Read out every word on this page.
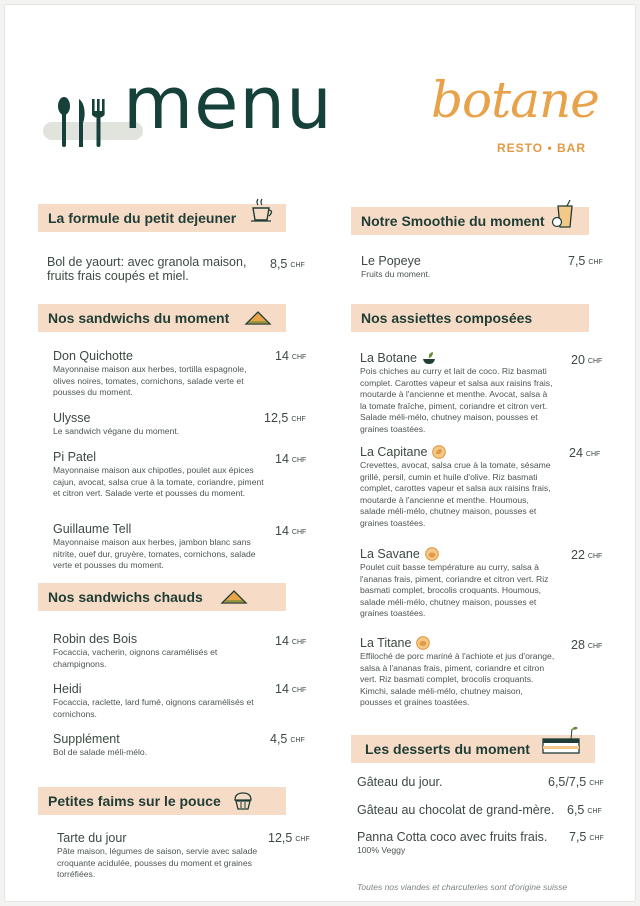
menu botane
RESTO • BAR
La formule du petit dejeuner
Bol de yaourt: avec granola maison, fruits frais coupés et miel.
8,5 CHF
Nos sandwichs du moment
Don Quichotte
Mayonnaise maison aux herbes, tortilla espagnole, olives noires, tomates, cornichons, salade verte et pousses du moment.
14 CHF
Ulysse
Le sandwich végane du moment.
12,5 CHF
Pi Patel
Mayonnaise maison aux chipotles, poulet aux épices cajun, avocat, salsa crue à la tomate, coriandre, piment et citron vert. Salade verte et pousses du moment.
14 CHF
Guillaume Tell
Mayonnaise maison aux herbes, jambon blanc sans nitrite, ouef dur, gruyère, tomates, cornichons, salade verte et pousses du moment.
14 CHF
Nos sandwichs chauds
Robin des Bois
Focaccia, vacherin, oignons caramélisés et champignons.
14 CHF
Heidi
Focaccia, raclette, lard fumé, oignons caramélisés et cornichons.
14 CHF
Supplément
Bol de salade méli-mélo.
4,5 CHF
Petites faims sur le pouce
Tarte du jour
Pâte maison, légumes de saison, servie avec salade croquante acidulée, pousses du moment et graines torréfiées.
12,5 CHF
Notre Smoothie du moment
Le Popeye
Fruits du moment.
7,5 CHF
Nos assiettes composées
La Botane
Pois chiches au curry et lait de coco. Riz basmati complet. Carottes vapeur et salsa aux raisins frais, moutarde à l'ancienne et menthe. Avocat, salsa à la tomate fraîche, piment, coriandre et citron vert. Salade méli-mélo, chutney maison, pousses et graines toastées.
20 CHF
La Capitane
Crevettes, avocat, salsa crue à la tomate, sésame grillé, persil, cumin et huile d'olive. Riz basmati complet, carottes vapeur et salsa aux raisins frais, moutarde à l'ancienne et menthe. Houmous, salade méli-mélo, chutney maison, pousses et graines toastées.
24 CHF
La Savane
Poulet cuit basse température au curry, salsa à l'ananas frais, piment, coriandre et citron vert. Riz basmati complet, brocolis croquants. Houmous, salade méli-mélo, chutney maison, pousses et graines toastées.
22 CHF
La Titane
Effiloché de porc mariné à l'achiote et jus d'orange, salsa à l'ananas frais, piment, coriandre et citron vert. Riz basmati complet, brocolis croquants. Kimchi, salade méli-mélo, chutney maison, pousses et graines toastées.
28 CHF
Les desserts du moment
Gâteau du jour.	6,5/7,5 CHF
Gâteau au chocolat de grand-mère. 6,5 CHF
Panna Cotta coco avec fruits frais.
100% Veggy
7,5 CHF
Toutes nos viandes et charcuteries sont d'origine suisse
